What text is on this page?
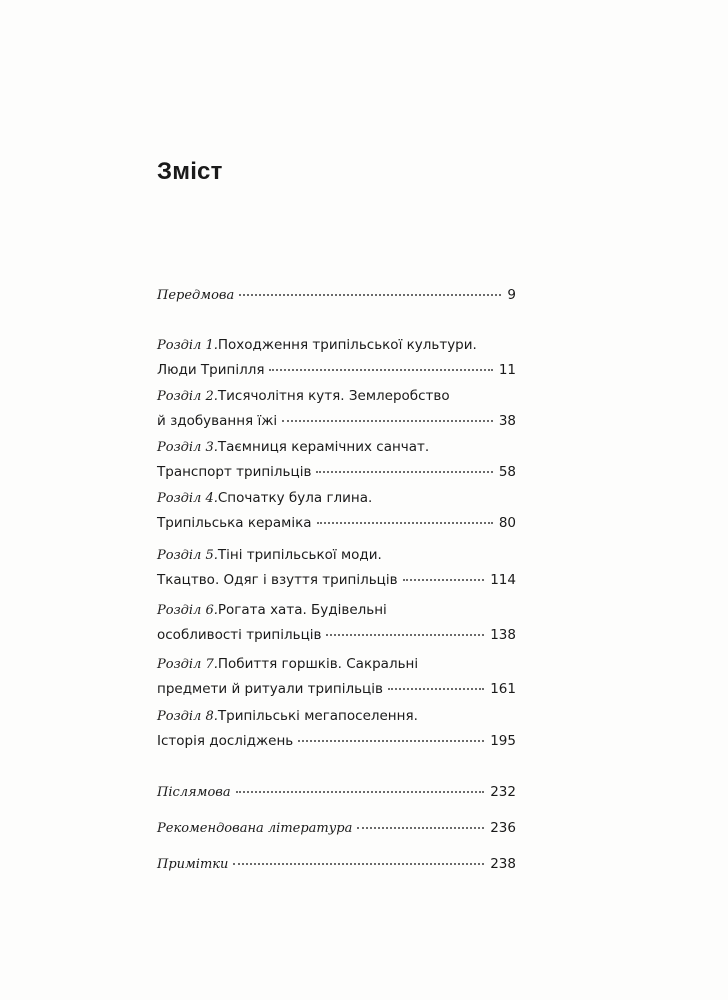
Зміст
Передмова	9
Розділ 1. Походження трипільської культури.
Люди Трипілля	11
Розділ 2. Тисячолітня кутя. Землеробство
й здобування їжі	38
Розділ 3. Таємниця керамічних санчат.
Транспорт трипільців	58
Розділ 4. Спочатку була глина.
Трипільська кераміка	80
Розділ 5. Тіні трипільської моди.
Ткацтво. Одяг і взуття трипільців	114
Розділ 6. Рогата хата. Будівельні
особливості трипільців	138
Розділ 7. Побиття горшків. Сакральні
предмети й ритуали трипільців	161
Розділ 8. Трипільські мегапоселення.
Історія досліджень	195
Післямова	232
Рекомендована література	236
Примітки	238
